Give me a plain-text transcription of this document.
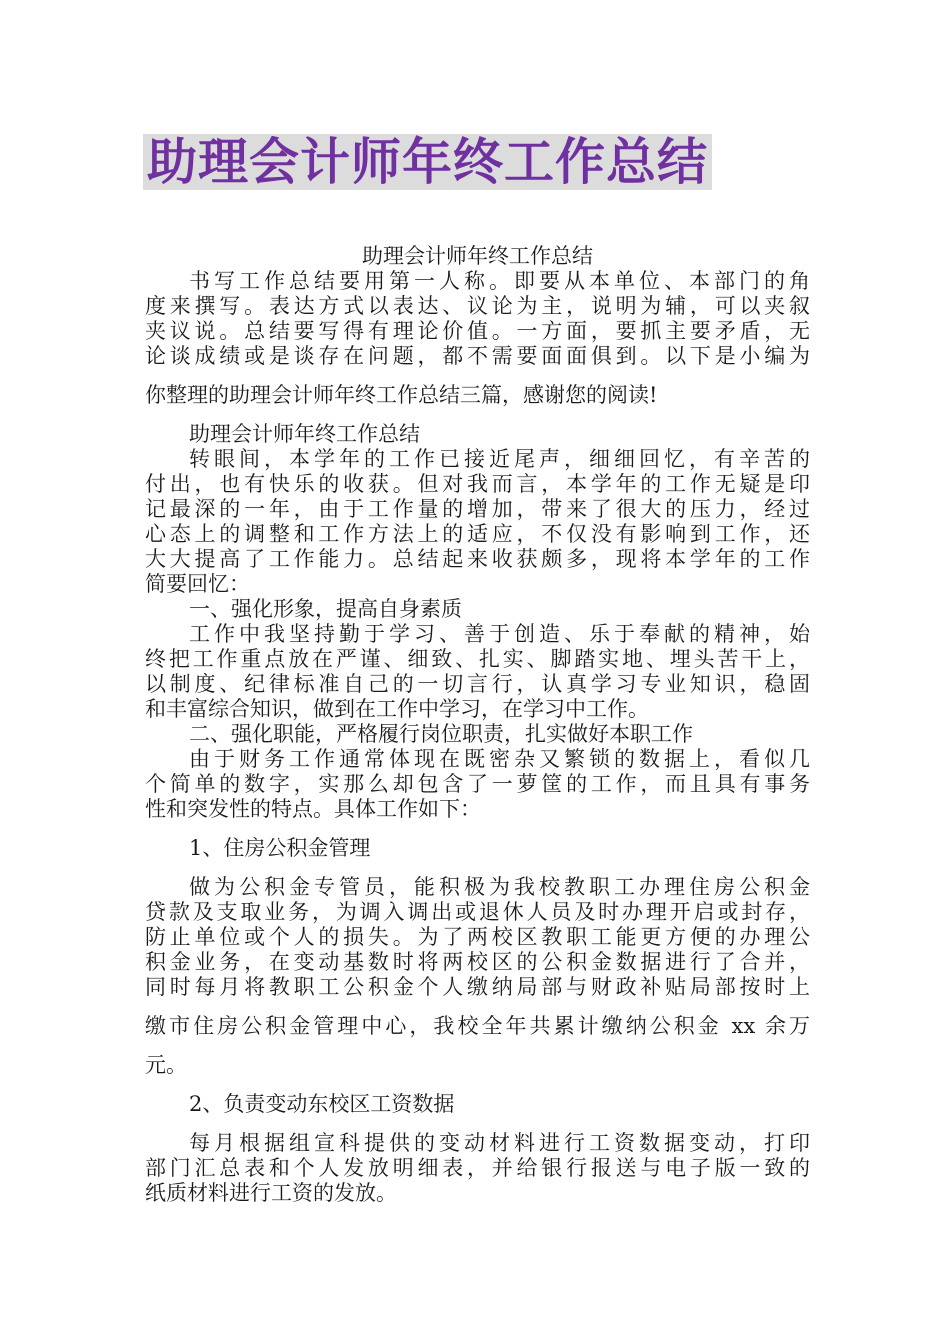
助理会计师年终工作总结
助理会计师年终工作总结
书写工作总结要用第一人称。即要从本单位、本部门的角
度来撰写。表达方式以表达、议论为主，说明为辅，可以夹叙
夹议说。总结要写得有理论价值。一方面，要抓主要矛盾，无
论谈成绩或是谈存在问题，都不需要面面俱到。以下是小编为
你整理的助理会计师年终工作总结三篇，感谢您的阅读!
助理会计师年终工作总结
转眼间，本学年的工作已接近尾声，细细回忆，有辛苦的
付出，也有快乐的收获。但对我而言，本学年的工作无疑是印
记最深的一年，由于工作量的增加，带来了很大的压力，经过
心态上的调整和工作方法上的适应，不仅没有影响到工作，还
大大提高了工作能力。总结起来收获颇多，现将本学年的工作
简要回忆：
一、强化形象，提高自身素质
工作中我坚持勤于学习、善于创造、乐于奉献的精神，始
终把工作重点放在严谨、细致、扎实、脚踏实地、埋头苦干上，
以制度、纪律标准自己的一切言行，认真学习专业知识，稳固
和丰富综合知识，做到在工作中学习，在学习中工作。
二、强化职能，严格履行岗位职责，扎实做好本职工作
由于财务工作通常体现在既密杂又繁锁的数据上，看似几
个简单的数字，实那么却包含了一萝筐的工作，而且具有事务
性和突发性的特点。具体工作如下：
1、住房公积金管理
做为公积金专管员，能积极为我校教职工办理住房公积金
贷款及支取业务，为调入调出或退休人员及时办理开启或封存，
防止单位或个人的损失。为了两校区教职工能更方便的办理公
积金业务，在变动基数时将两校区的公积金数据进行了合并，
同时每月将教职工公积金个人缴纳局部与财政补贴局部按时上
缴市住房公积金管理中心，我校全年共累计缴纳公积金 xx 余万
元。
2、负责变动东校区工资数据
每月根据组宣科提供的变动材料进行工资数据变动，打印
部门汇总表和个人发放明细表，并给银行报送与电子版一致的
纸质材料进行工资的发放。
